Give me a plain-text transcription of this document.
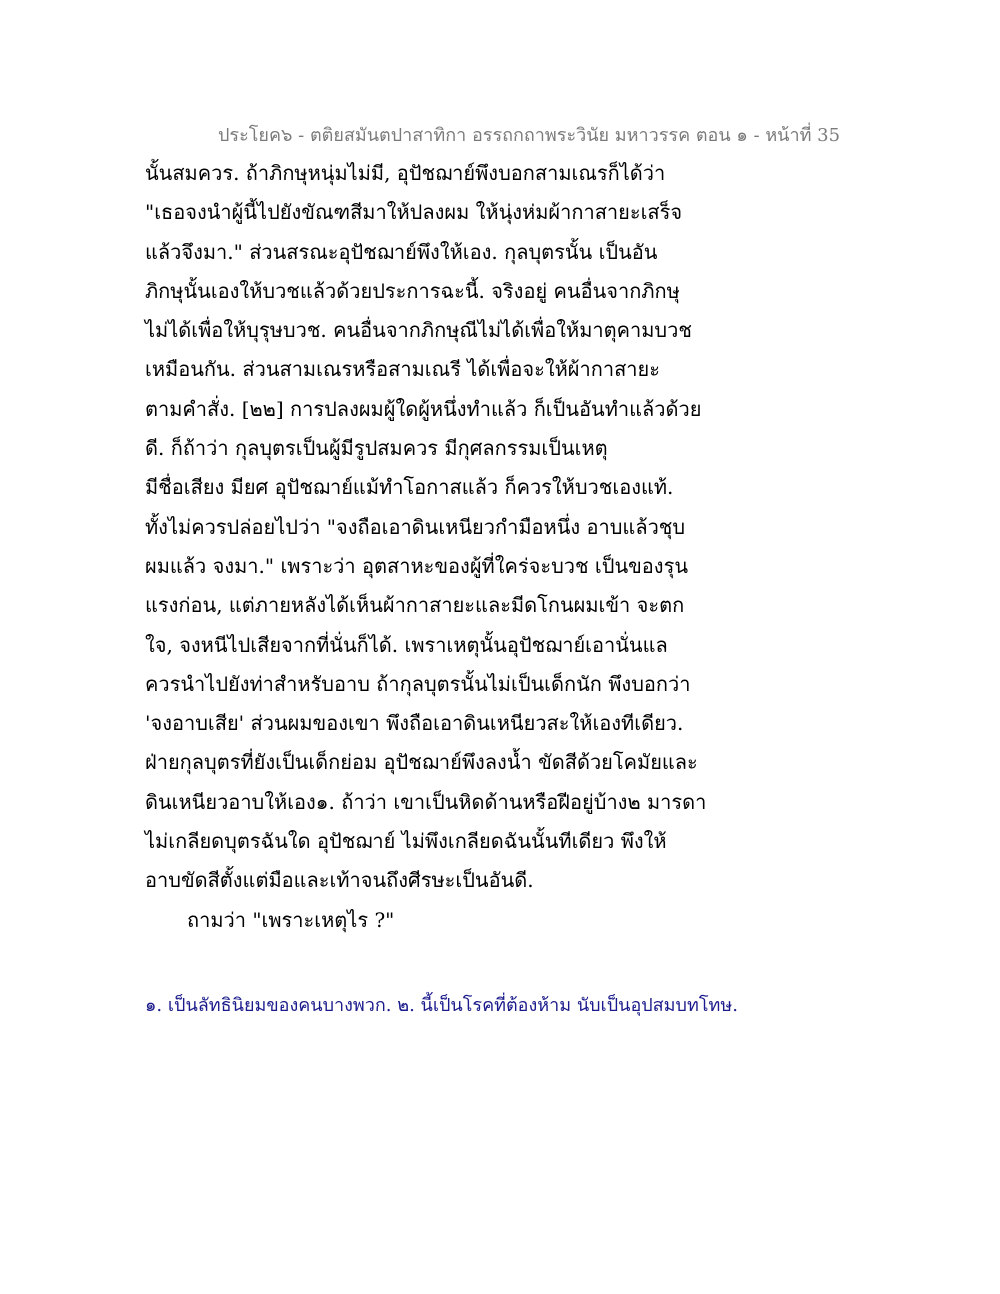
ประโยค๖ - ตติยสมันตปาสาทิกา อรรถกถาพระวินัย มหาวรรค ตอน ๑ - หน้าที่ 35
นั้นสมควร. ถ้าภิกษุหนุ่มไม่มี, อุปัชฌาย์พึงบอกสามเณรก็ได้ว่า
"เธอจงนำผู้นี้ไปยังขัณฑสีมาให้ปลงผม ให้นุ่งห่มผ้ากาสายะเสร็จ
แล้วจึงมา." ส่วนสรณะอุปัชฌาย์พึงให้เอง. กุลบุตรนั้น เป็นอัน
ภิกษุนั้นเองให้บวชแล้วด้วยประการฉะนี้. จริงอยู่ คนอื่นจากภิกษุ
ไม่ได้เพื่อให้บุรุษบวช. คนอื่นจากภิกษุณีไม่ได้เพื่อให้มาตุคามบวช
เหมือนกัน. ส่วนสามเณรหรือสามเณรี ได้เพื่อจะให้ผ้ากาสายะ
ตามคำสั่ง. [๒๒] การปลงผมผู้ใดผู้หนึ่งทำแล้ว ก็เป็นอันทำแล้วด้วย
ดี. ก็ถ้าว่า กุลบุตรเป็นผู้มีรูปสมควร มีกุศลกรรมเป็นเหตุ
มีชื่อเสียง มียศ อุปัชฌาย์แม้ทำโอกาสแล้ว ก็ควรให้บวชเองแท้.
ทั้งไม่ควรปล่อยไปว่า "จงถือเอาดินเหนียวกำมือหนึ่ง อาบแล้วชุบ
ผมแล้ว จงมา." เพราะว่า อุตสาหะของผู้ที่ใคร่จะบวช เป็นของรุน
แรงก่อน, แต่ภายหลังได้เห็นผ้ากาสายะและมีดโกนผมเข้า จะตก
ใจ, จงหนีไปเสียจากที่นั่นก็ได้. เพราเหตุนั้นอุปัชฌาย์เอานั่นแล
ควรนำไปยังท่าสำหรับอาบ ถ้ากุลบุตรนั้นไม่เป็นเด็กนัก พึงบอกว่า
'จงอาบเสีย' ส่วนผมของเขา พึงถือเอาดินเหนียวสะให้เองทีเดียว.
ฝ่ายกุลบุตรที่ยังเป็นเด็กย่อม อุปัชฌาย์พึงลงน้ำ ขัดสีด้วยโคมัยและ
ดินเหนียวอาบให้เอง๑. ถ้าว่า เขาเป็นหิดด้านหรือฝีอยู่บ้าง๒ มารดา
ไม่เกลียดบุตรฉันใด อุปัชฌาย์ ไม่พึงเกลียดฉันนั้นทีเดียว พึงให้
อาบขัดสีตั้งแต่มือและเท้าจนถึงศีรษะเป็นอันดี.
ถามว่า "เพราะเหตุไร ?"
๑. เป็นลัทธินิยมของคนบางพวก. ๒. นี้เป็นโรคที่ต้องห้าม นับเป็นอุปสมบทโทษ.
